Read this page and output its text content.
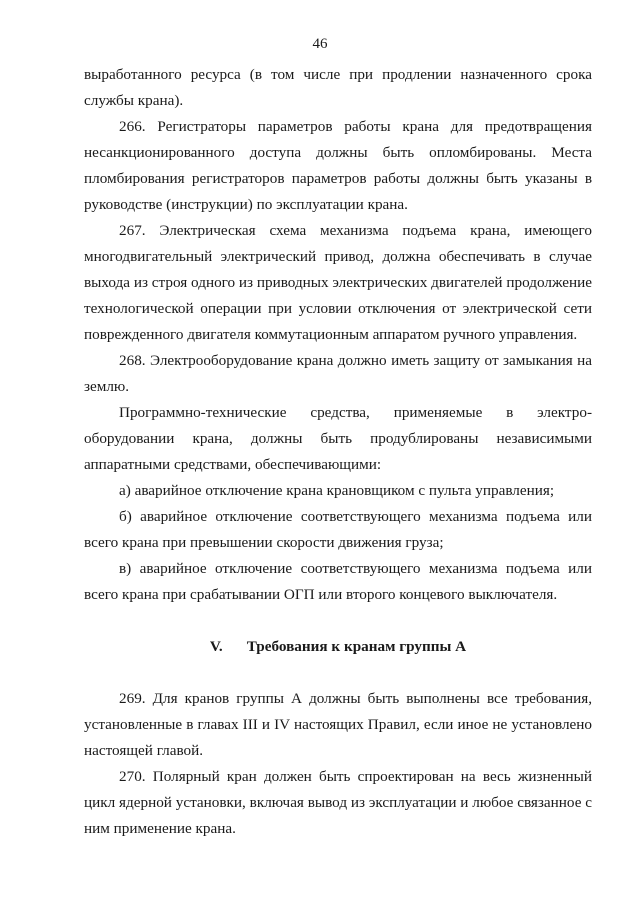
46

выработанного ресурса (в том числе при продлении назначенного срока службы крана).

266. Регистраторы параметров работы крана для предотвращения несанкционированного доступа должны быть опломбированы. Места пломбирования регистраторов параметров работы должны быть указаны в руководстве (инструкции) по эксплуатации крана.

267. Электрическая схема механизма подъема крана, имеющего многодвигательный электрический привод, должна обеспечивать в случае выхода из строя одного из приводных электрических двигателей продолжение технологической операции при условии отключения от электрической сети поврежденного двигателя коммутационным аппаратом ручного управления.

268. Электрооборудование крана должно иметь защиту от замыкания на землю.

Программно-технические средства, применяемые в электро-оборудовании крана, должны быть продублированы независимыми аппаратными средствами, обеспечивающими:

а) аварийное отключение крана крановщиком с пульта управления;

б) аварийное отключение соответствующего механизма подъема или всего крана при превышении скорости движения груза;

в) аварийное отключение соответствующего механизма подъема или всего крана при срабатывании ОГП или второго концевого выключателя.

V. Требования к кранам группы А

269. Для кранов группы А должны быть выполнены все требования, установленные в главах III и IV настоящих Правил, если иное не установлено настоящей главой.

270. Полярный кран должен быть спроектирован на весь жизненный цикл ядерной установки, включая вывод из эксплуатации и любое связанное с ним применение крана.
